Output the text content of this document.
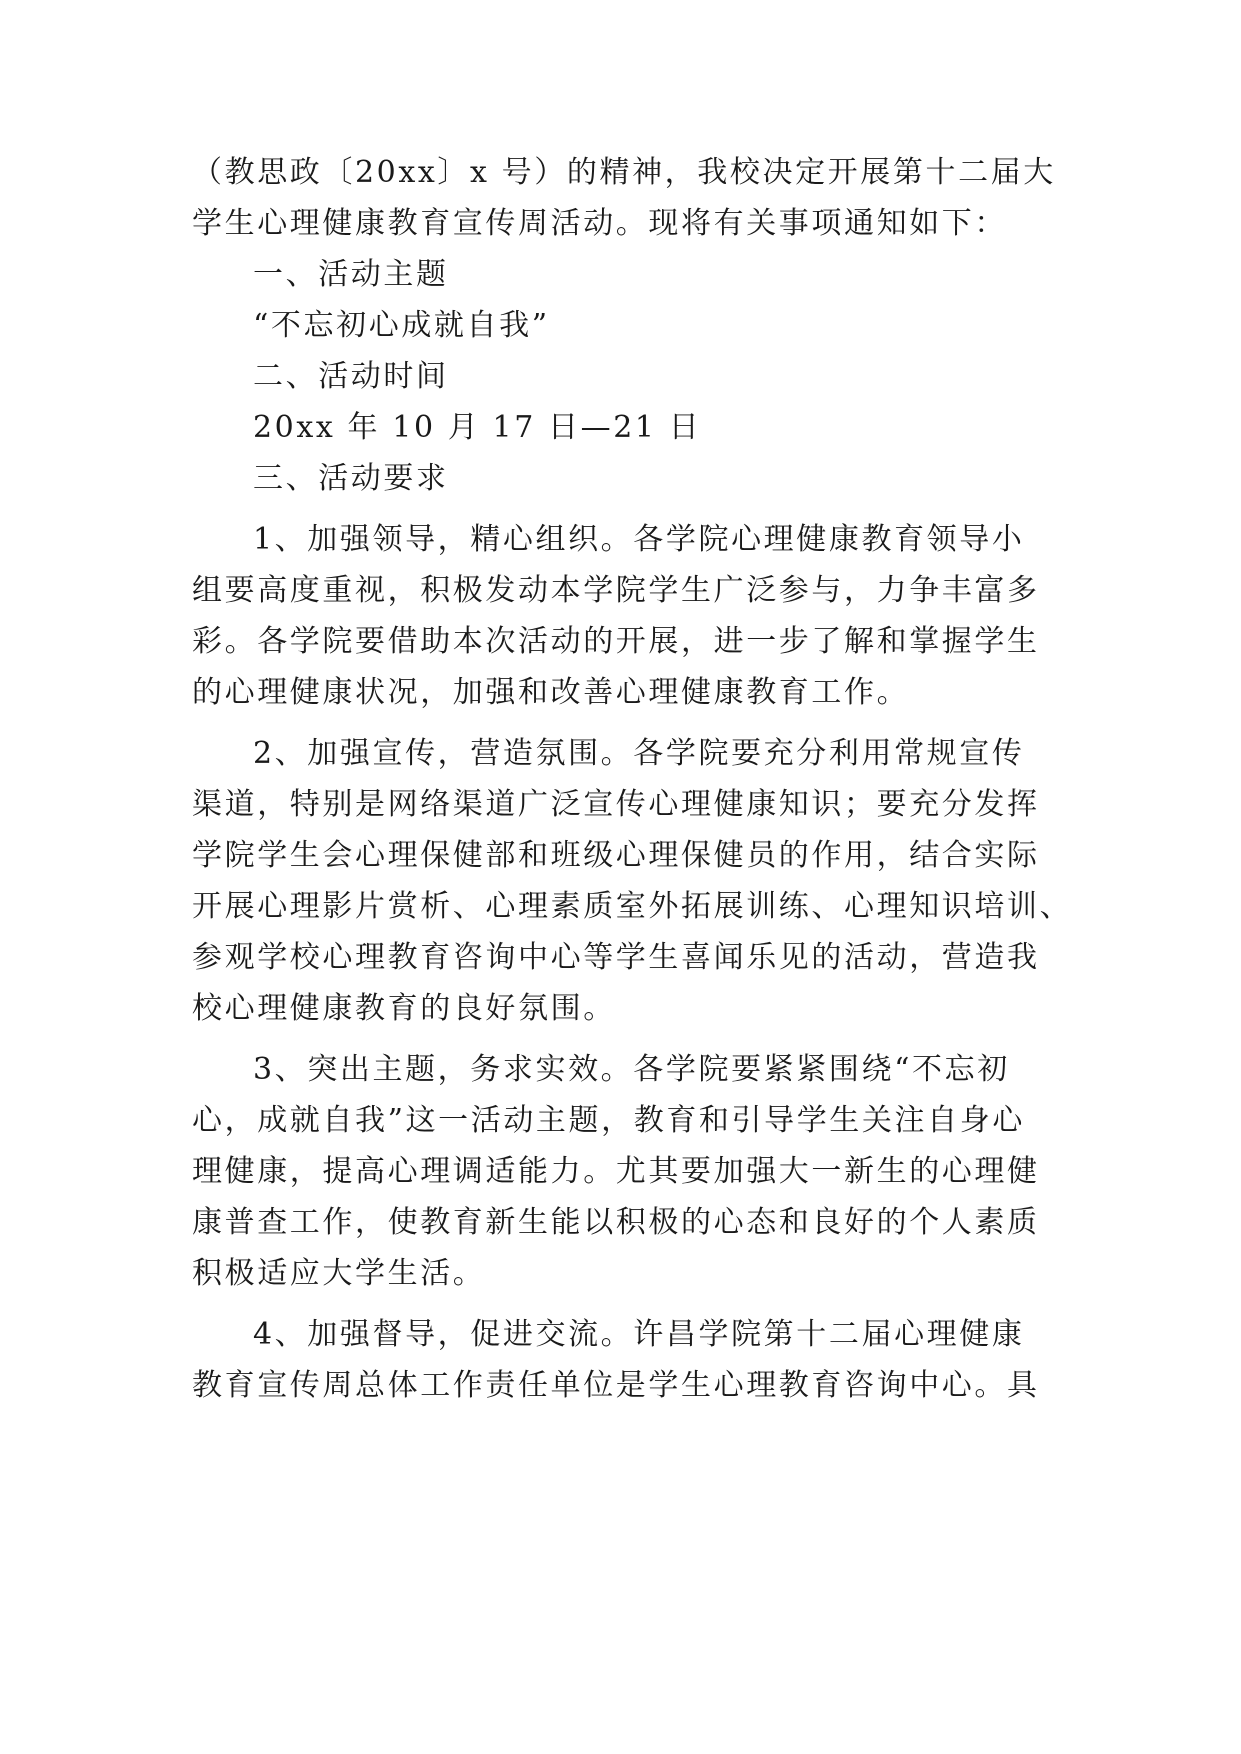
（教思政〔20xx〕x 号）的精神，我校决定开展第十二届大
学生心理健康教育宣传周活动。现将有关事项通知如下：
一、活动主题
“不忘初心成就自我”
二、活动时间
20xx 年 10 月 17 日—21 日
三、活动要求
1、加强领导，精心组织。各学院心理健康教育领导小
组要高度重视，积极发动本学院学生广泛参与，力争丰富多
彩。各学院要借助本次活动的开展，进一步了解和掌握学生
的心理健康状况，加强和改善心理健康教育工作。
2、加强宣传，营造氛围。各学院要充分利用常规宣传
渠道，特别是网络渠道广泛宣传心理健康知识；要充分发挥
学院学生会心理保健部和班级心理保健员的作用，结合实际
开展心理影片赏析、心理素质室外拓展训练、心理知识培训、
参观学校心理教育咨询中心等学生喜闻乐见的活动，营造我
校心理健康教育的良好氛围。
3、突出主题，务求实效。各学院要紧紧围绕“不忘初
心，成就自我”这一活动主题，教育和引导学生关注自身心
理健康，提高心理调适能力。尤其要加强大一新生的心理健
康普查工作，使教育新生能以积极的心态和良好的个人素质
积极适应大学生活。
4、加强督导，促进交流。许昌学院第十二届心理健康
教育宣传周总体工作责任单位是学生心理教育咨询中心。具
